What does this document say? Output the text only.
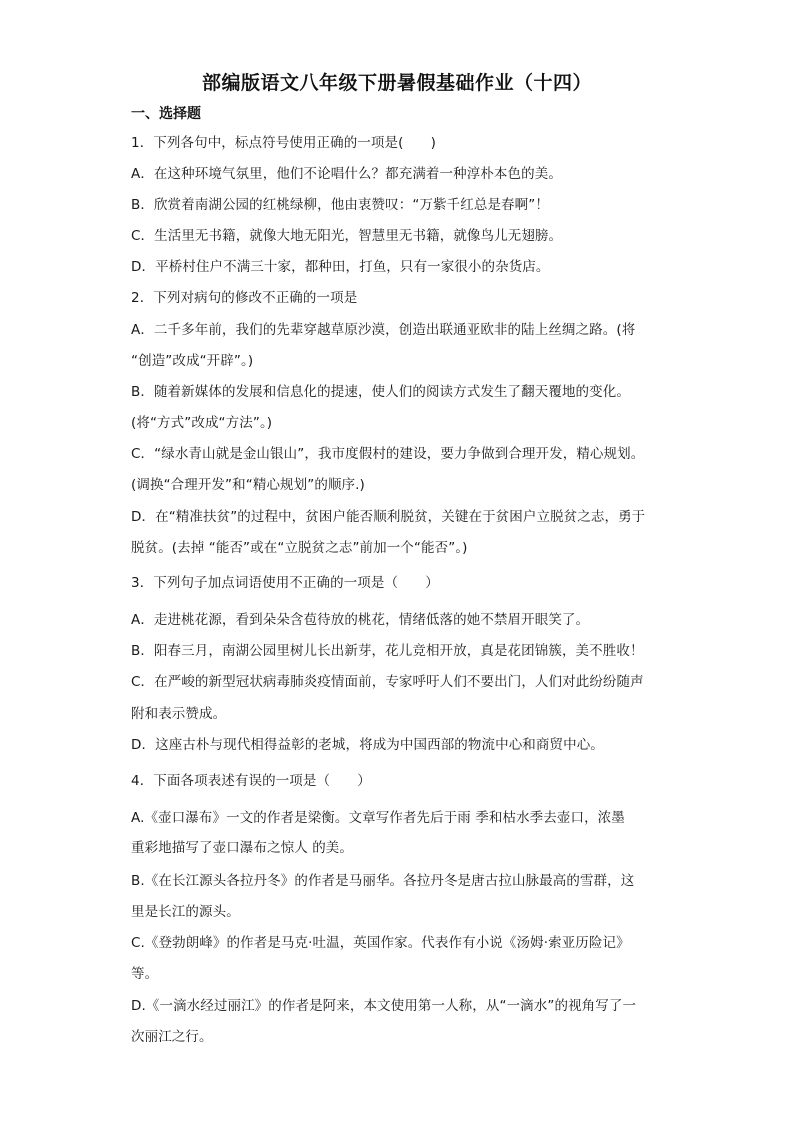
部编版语文八年级下册暑假基础作业（十四）
一、选择题
1．下列各句中，标点符号使用正确的一项是(　　)
A．在这种环境气氛里，他们不论唱什么？都充满着一种淳朴本色的美。
B．欣赏着南湖公园的红桃绿柳，他由衷赞叹：“万紫千红总是春啊”！
C．生活里无书籍，就像大地无阳光，智慧里无书籍，就像鸟儿无翅膀。
D．平桥村住户不满三十家，都种田，打鱼，只有一家很小的杂货店。
2．下列对病句的修改不正确的一项是
A．二千多年前，我们的先辈穿越草原沙漠，创造出联通亚欧非的陆上丝绸之路。(将
“创造”改成“开辟”。)
B．随着新媒体的发展和信息化的提速，使人们的阅读方式发生了翻天覆地的变化。
(将“方式”改成“方法”。)
C．“绿水青山就是金山银山”，我市度假村的建设，要力争做到合理开发，精心规划。
(调换“合理开发”和“精心规划”的顺序.)
D．在“精准扶贫”的过程中，贫困户能否顺利脱贫，关键在于贫困户立脱贫之志，勇于
脱贫。(去掉 “能否”或在“立脱贫之志”前加一个“能否”。)
3．下列句子加点词语使用不正确的一项是（　　）
A．走进桃花源，看到朵朵含苞待放的桃花，情绪低落的她不禁眉开眼笑了。
B．阳春三月，南湖公园里树儿长出新芽，花儿竞相开放，真是花团锦簇，美不胜收！
C．在严峻的新型冠状病毒肺炎疫情面前，专家呼吁人们不要出门，人们对此纷纷随声
附和表示赞成。
D．这座古朴与现代相得益彰的老城，将成为中国西部的物流中心和商贸中心。
4．下面各项表述有误的一项是（　　）
A.《壶口瀑布》一文的作者是梁衡。文章写作者先后于雨 季和枯水季去壶口，浓墨
重彩地描写了壶口瀑布之惊人 的美。
B.《在长江源头各拉丹冬》的作者是马丽华。各拉丹冬是唐古拉山脉最高的雪群，这
里是长江的源头。
C.《登勃朗峰》的作者是马克·吐温，英国作家。代表作有小说《汤姆·索亚历险记》
等。
D.《一滴水经过丽江》的作者是阿来，本文使用第一人称，从“一滴水”的视角写了一
次丽江之行。
